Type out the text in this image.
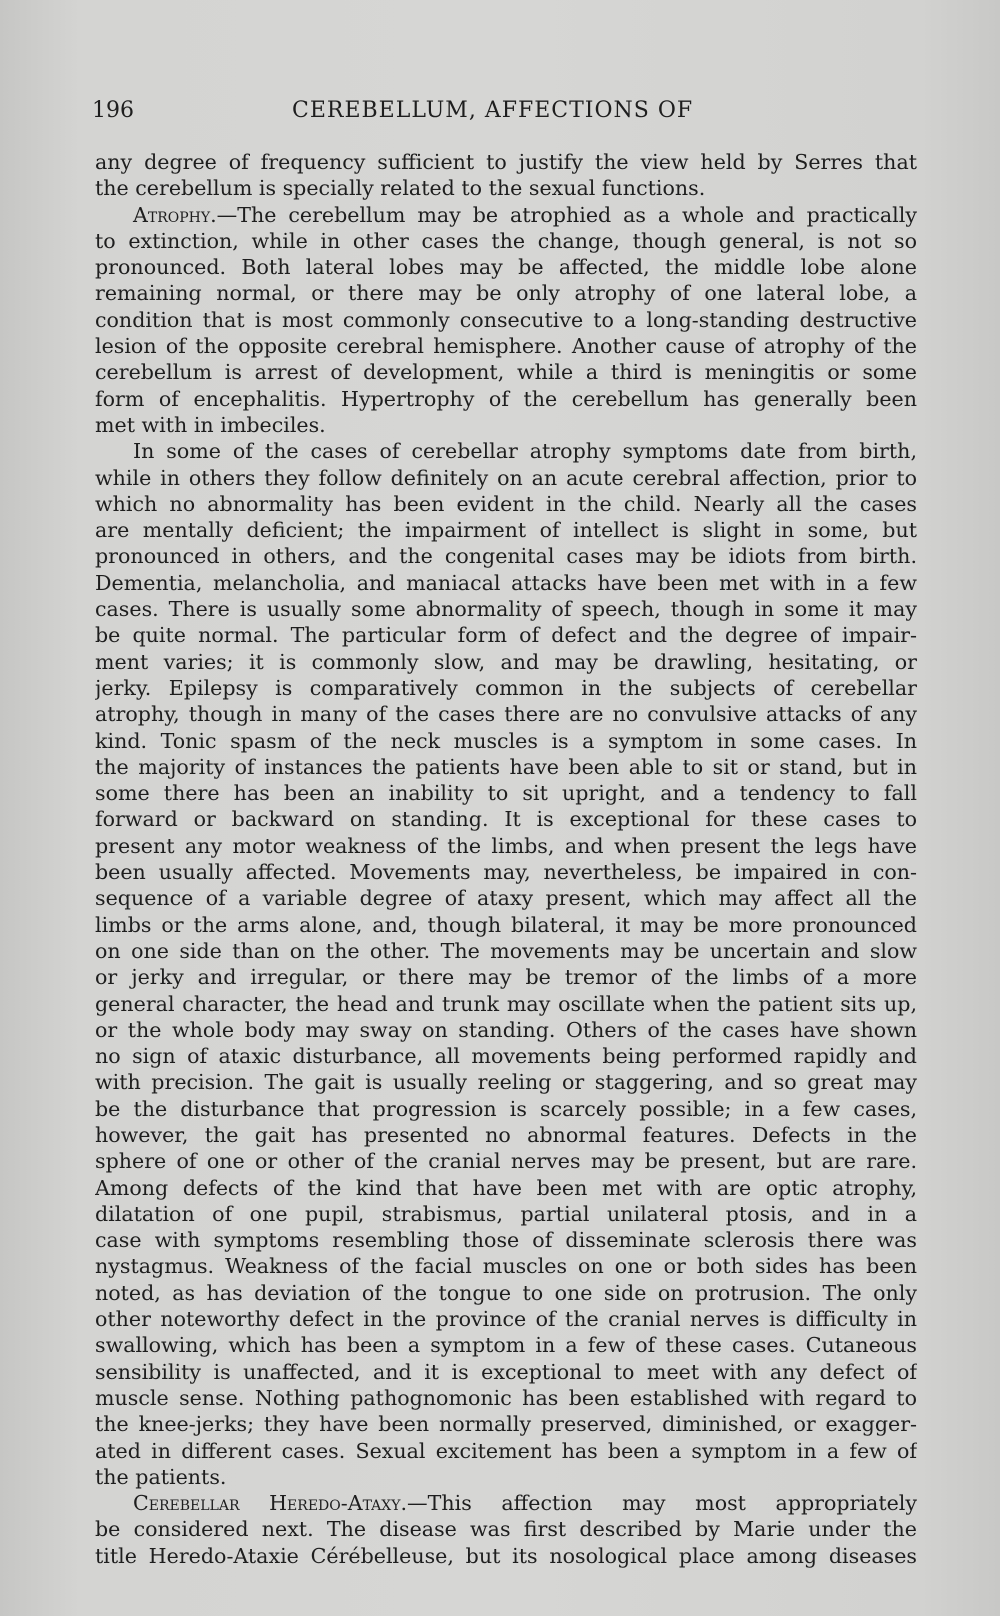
196	CEREBELLUM, AFFECTIONS OF
any degree of frequency sufficient to justify the view held by Serres that
the cerebellum is specially related to the sexual functions.
Atrophy.—The cerebellum may be atrophied as a whole and practically
to extinction, while in other cases the change, though general, is not so
pronounced. Both lateral lobes may be affected, the middle lobe alone
remaining normal, or there may be only atrophy of one lateral lobe, a
condition that is most commonly consecutive to a long-standing destructive
lesion of the opposite cerebral hemisphere. Another cause of atrophy of the
cerebellum is arrest of development, while a third is meningitis or some
form of encephalitis. Hypertrophy of the cerebellum has generally been
met with in imbeciles.
In some of the cases of cerebellar atrophy symptoms date from birth,
while in others they follow definitely on an acute cerebral affection, prior to
which no abnormality has been evident in the child. Nearly all the cases
are mentally deficient; the impairment of intellect is slight in some, but
pronounced in others, and the congenital cases may be idiots from birth.
Dementia, melancholia, and maniacal attacks have been met with in a few
cases. There is usually some abnormality of speech, though in some it may
be quite normal. The particular form of defect and the degree of impair-
ment varies; it is commonly slow, and may be drawling, hesitating, or
jerky. Epilepsy is comparatively common in the subjects of cerebellar
atrophy, though in many of the cases there are no convulsive attacks of any
kind. Tonic spasm of the neck muscles is a symptom in some cases. In
the majority of instances the patients have been able to sit or stand, but in
some there has been an inability to sit upright, and a tendency to fall
forward or backward on standing. It is exceptional for these cases to
present any motor weakness of the limbs, and when present the legs have
been usually affected. Movements may, nevertheless, be impaired in con-
sequence of a variable degree of ataxy present, which may affect all the
limbs or the arms alone, and, though bilateral, it may be more pronounced
on one side than on the other. The movements may be uncertain and slow
or jerky and irregular, or there may be tremor of the limbs of a more
general character, the head and trunk may oscillate when the patient sits up,
or the whole body may sway on standing. Others of the cases have shown
no sign of ataxic disturbance, all movements being performed rapidly and
with precision. The gait is usually reeling or staggering, and so great may
be the disturbance that progression is scarcely possible; in a few cases,
however, the gait has presented no abnormal features. Defects in the
sphere of one or other of the cranial nerves may be present, but are rare.
Among defects of the kind that have been met with are optic atrophy,
dilatation of one pupil, strabismus, partial unilateral ptosis, and in a
case with symptoms resembling those of disseminate sclerosis there was
nystagmus. Weakness of the facial muscles on one or both sides has been
noted, as has deviation of the tongue to one side on protrusion. The only
other noteworthy defect in the province of the cranial nerves is difficulty in
swallowing, which has been a symptom in a few of these cases. Cutaneous
sensibility is unaffected, and it is exceptional to meet with any defect of
muscle sense. Nothing pathognomonic has been established with regard to
the knee-jerks; they have been normally preserved, diminished, or exagger-
ated in different cases. Sexual excitement has been a symptom in a few of
the patients.
Cerebellar Heredo-Ataxy.—This affection may most appropriately
be considered next. The disease was first described by Marie under the
title Heredo-Ataxie Cérébelleuse, but its nosological place among diseases
